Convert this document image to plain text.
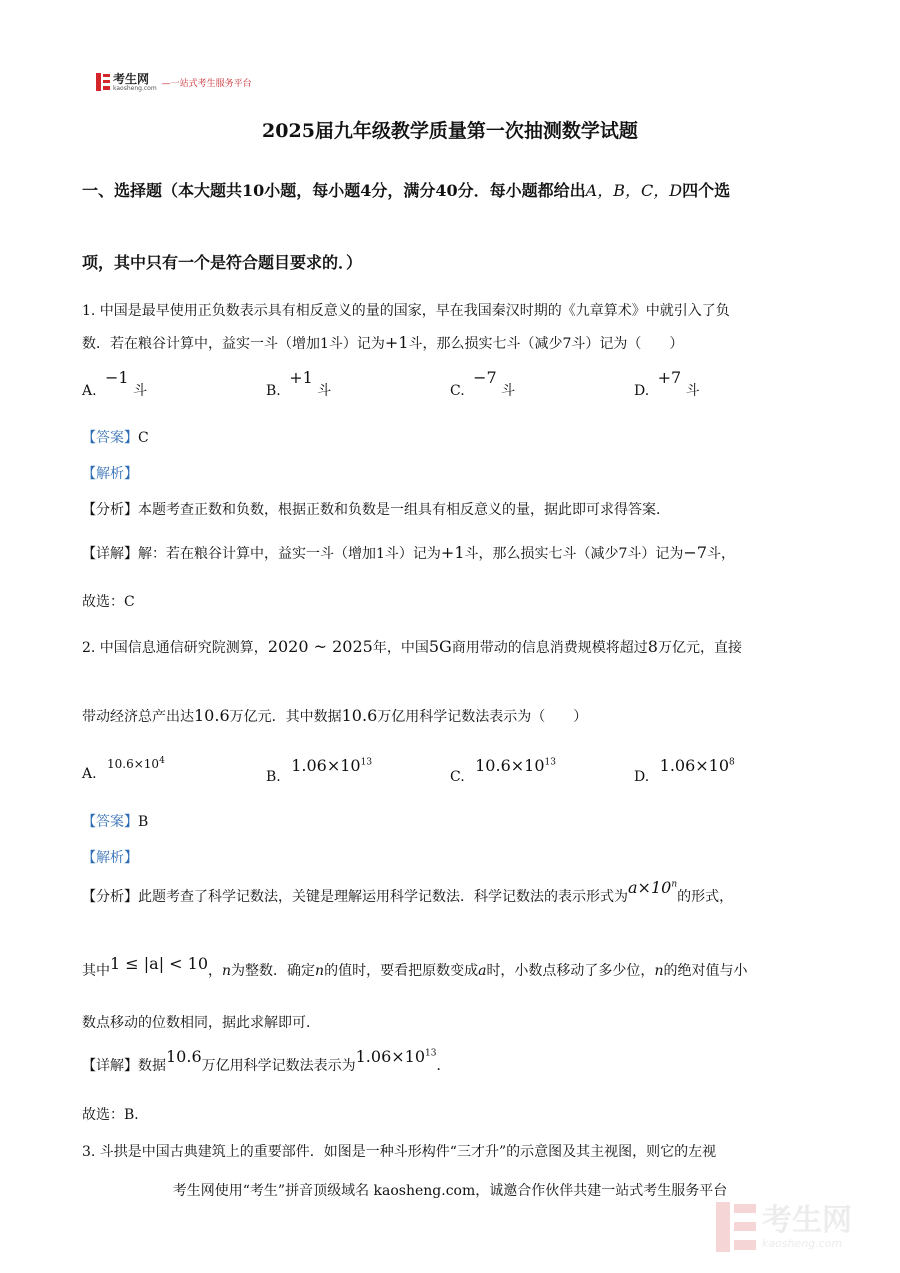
考生网
kaosheng.com —一站式考生服务平台
2025届九年级教学质量第一次抽测数学试题
一、选择题（本大题共10小题，每小题4分，满分40分．每小题都给出A，B，C，D四个选
项，其中只有一个是符合题目要求的．）
1. 中国是最早使用正负数表示具有相反意义的量的国家，早在我国秦汉时期的《九章算术》中就引入了负
数．若在粮谷计算中，益实一斗（增加1斗）记为+1斗，那么损实七斗（减少7斗）记为（　　）
A. −1 斗	B. +1 斗	C. −7 斗	D. +7 斗
【答案】C
【解析】
【分析】本题考查正数和负数，根据正数和负数是一组具有相反意义的量，据此即可求得答案．
【详解】解：若在粮谷计算中，益实一斗（增加1斗）记为+1斗，那么损实七斗（减少7斗）记为−7斗，
故选：C
2. 中国信息通信研究院测算，2020 ~ 2025年，中国5G商用带动的信息消费规模将超过8万亿元，直接
带动经济总产出达10.6万亿元．其中数据10.6万亿用科学记数法表示为（　　）
A. $10.6\times 10^4$
B. $1.06\times 10^{13}$
C. $10.6\times 10^{13}$
D. $1.06\times 10^8$
【答案】B
【解析】
【分析】此题考查了科学记数法，关键是理解运用科学记数法．科学记数法的表示形式为$a\times 10^n$的形式，
其中1 ≤ |a| < 10，n为整数．确定n的值时，要看把原数变成a时，小数点移动了多少位，n的绝对值与小
数点移动的位数相同，据此求解即可．
【详解】数据10.6万亿用科学记数法表示为$1.06\times 10^{13}$．
故选：B．
3. 斗拱是中国古典建筑上的重要部件．如图是一种斗形构件“三才升”的示意图及其主视图，则它的左视
考生网使用“考生”拼音顶级域名 kaosheng.com，诚邀合作伙伴共建一站式考生服务平台
考生网
kaosheng.com
